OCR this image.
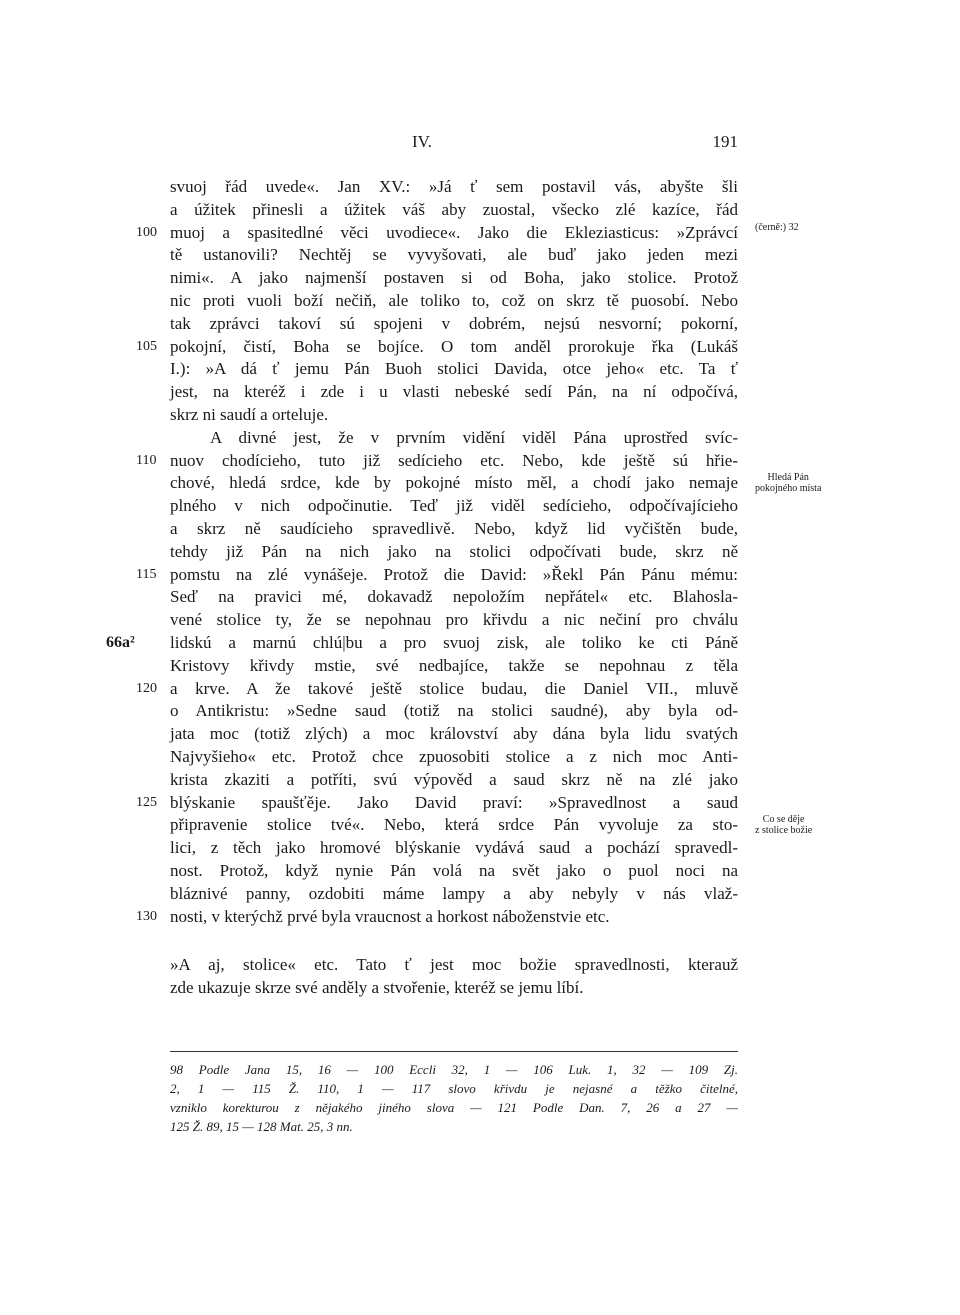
IV.	191
svuoj řád uvede«. Jan XV.: »Já ť sem postavil vás, abyšte šli
a úžitek přinesli a úžitek váš aby zuostal, všecko zlé kazíce, řád
100 muoj a spasitedlné věci uvodiece«. Jako die Ekleziasticus: »Zprávcí (černě:) 32
tě ustanovili? Nechtěj se vyvyšovati, ale buď jako jeden mezi
nimi«. A jako najmenší postaven si od Boha, jako stolice. Protož
nic proti vuoli boží nečiň, ale toliko to, což on skrz tě puosobí. Nebo
tak zprávci takoví sú spojeni v dobrém, nejsú nesvorní; pokorní,
105 pokojní, čistí, Boha se bojíce. O tom anděl prorokuje řka (Lukáš
I.): »A dá ť jemu Pán Buoh stolici Davida, otce jeho« etc. Ta ť
jest, na kteréž i zde i u vlasti nebeské sedí Pán, na ní odpočívá,
skrz ni saudí a orteluje.
A divné jest, že v prvním vidění viděl Pána uprostřed svíc-
110 nuov chodícieho, tuto již sedícieho etc. Nebo, kde ještě sú hřie-
chové, hledá srdce, kde by pokojné místo měl, a chodí jako nemaje	Hledá Pán
pokojného místa
plného v nich odpočinutie. Teď již viděl sedícieho, odpočívajícieho
a skrz ně saudícieho spravedlivě. Nebo, když lid vyčištěn bude,
tehdy již Pán na nich jako na stolici odpočívati bude, skrz ně
115 pomstu na zlé vynášeje. Protož die David: »Řekl Pán Pánu mému:
Seď na pravici mé, dokavadž nepoložím nepřátel« etc. Blahosla-
vené stolice ty, že se nepohnau pro křivdu a nic nečiní pro chválu
66a² lidskú a marnú chlú|bu a pro svuoj zisk, ale toliko ke cti Páně
Kristovy křivdy mstie, své nedbajíce, takže se nepohnau z těla
120 a krve. A že takové ještě stolice budau, die Daniel VII., mluvě
o Antikristu: »Sedne saud (totiž na stolici saudné), aby byla od-
jata moc (totiž zlých) a moc království aby dána byla lidu svatých
Najvyšieho« etc. Protož chce zpuosobiti stolice a z nich moc Anti-
krista zkaziti a potříti, svú výpověd a saud skrz ně na zlé jako
125 blýskanie spaušťěje. Jako David praví: »Spravedlnost a saud
připravenie stolice tvé«. Nebo, která srdce Pán vyvoluje za sto-	Co se děje
z stolice božie
lici, z těch jako hromové blýskanie vydává saud a pochází spravedl-
nost. Protož, když nynie Pán volá na svět jako o puol noci na
bláznivé panny, ozdobiti máme lampy a aby nebyly v nás vlaž-
130 nosti, v kterýchž prvé byla vraucnost a horkost náboženstvie etc.
»A aj, stolice« etc. Tato ť jest moc božie spravedlnosti, kterauž
zde ukazuje skrze své anděly a stvořenie, kteréž se jemu líbí.
98 Podle Jana 15, 16 — 100 Eccli 32, 1 — 106 Luk. 1, 32 — 109 Zj.
2, 1 — 115 Ž. 110, 1 — 117 slovo křivdu je nejasné a těžko čitelné,
vzniklo korekturou z nějakého jiného slova — 121 Podle Dan. 7, 26 a 27 —
125 Ž. 89, 15 — 128 Mat. 25, 3 nn.
